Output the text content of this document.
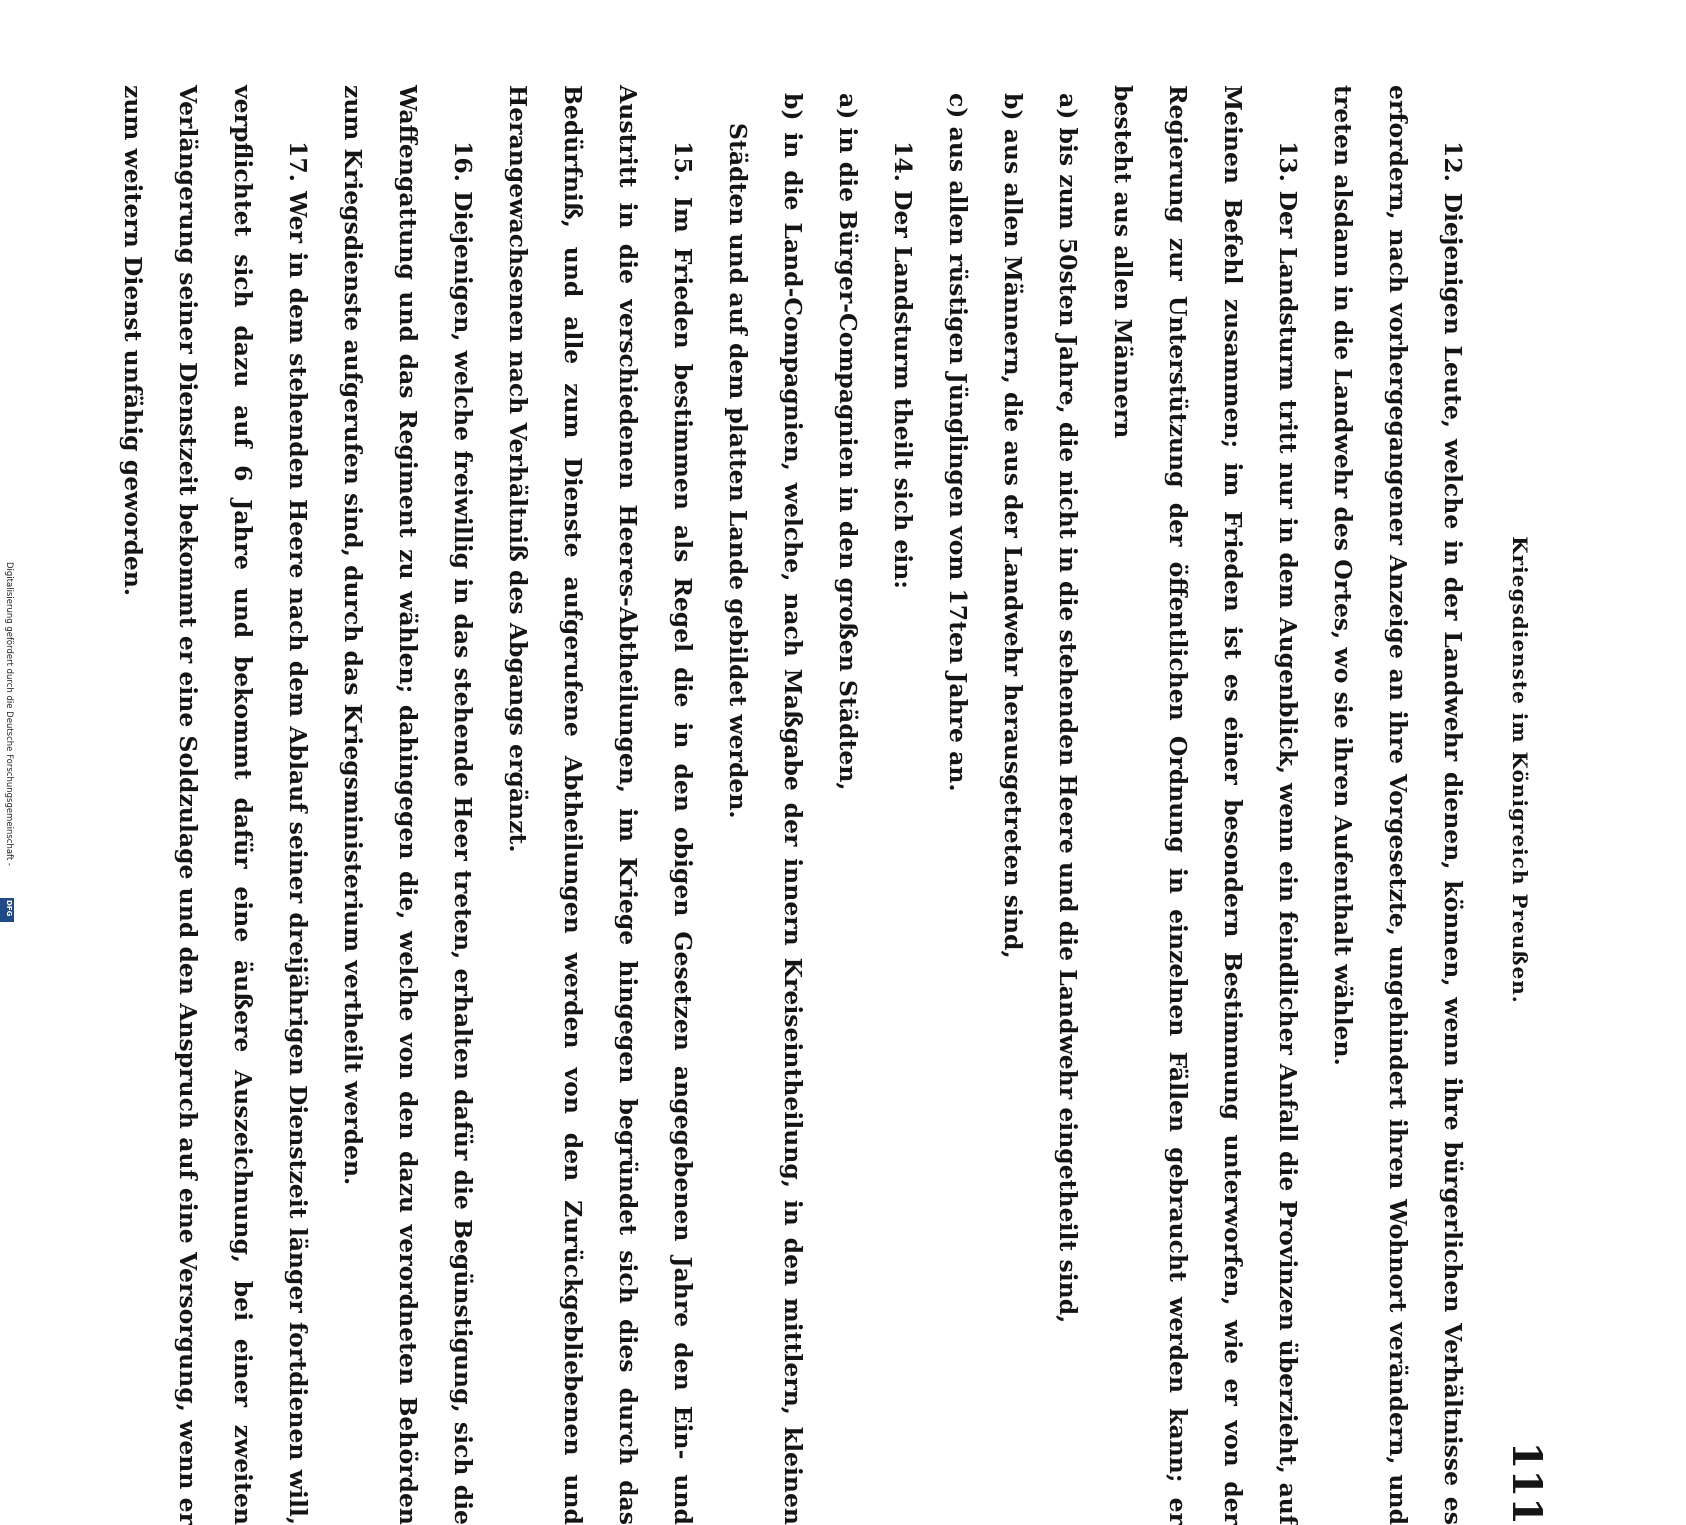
Kriegsdienste im Königreich Preußen.
111

12. Diejenigen Leute, welche in der Landwehr dienen, können, wenn ihre bürgerlichen Verhältnisse es erfordern, nach vorhergegangener Anzeige an ihre Vorgesetzte, ungehindert ihren Wohnort verändern, und treten alsdann in die Landwehr des Ortes, wo sie ihren Aufenthalt wählen.

13. Der Landsturm tritt nur in dem Augenblick, wenn ein feindlicher Anfall die Provinzen überzieht, auf Meinen Befehl zusammen; im Frieden ist es einer besondern Bestimmung unterworfen, wie er von der Regierung zur Unterstützung der öffentlichen Ordnung in einzelnen Fällen gebraucht werden kann; er besteht aus allen Männern

a) bis zum 50sten Jahre, die nicht in die stehenden Heere und die Landwehr eingetheilt sind,

b) aus allen Männern, die aus der Landwehr herausgetreten sind,

c) aus allen rüstigen Jünglingen vom 17ten Jahre an.

14. Der Landsturm theilt sich ein:

a) in die Bürger-Compagnien in den großen Städten,

b) in die Land-Compagnien, welche, nach Maßgabe der innern Kreiseintheilung, in den mittlern, kleinen Städten und auf dem platten Lande gebildet werden.

15. Im Frieden bestimmen als Regel die in den obigen Gesetzen angegebenen Jahre den Ein- und Austritt in die verschiedenen Heeres-Abtheilungen, im Kriege hingegen begründet sich dies durch das Bedürfniß, und alle zum Dienste aufgerufene Abtheilungen werden von den Zurückgebliebenen und Herangewachsenen nach Verhältniß des Abgangs ergänzt.

16. Diejenigen, welche freiwillig in das stehende Heer treten, erhalten dafür die Begünstigung, sich die Waffengattung und das Regiment zu wählen; dahingegen die, welche von den dazu verordneten Behörden zum Kriegsdienste aufgerufen sind, durch das Kriegsministerium vertheilt werden.

17. Wer in dem stehenden Heere nach dem Ablauf seiner dreijährigen Dienstzeit länger fortdienen will, verpflichtet sich dazu auf 6 Jahre und bekommt dafür eine äußere Auszeichnung, bei einer zweiten Verlängerung seiner Dienstzeit bekommt er eine Soldzulage und den Anspruch auf eine Versorgung, wenn er zum weitern Dienst unfähig geworden.

Digitalisierung gefördert durch die Deutsche Forschungsgemeinschaft -
DFG
